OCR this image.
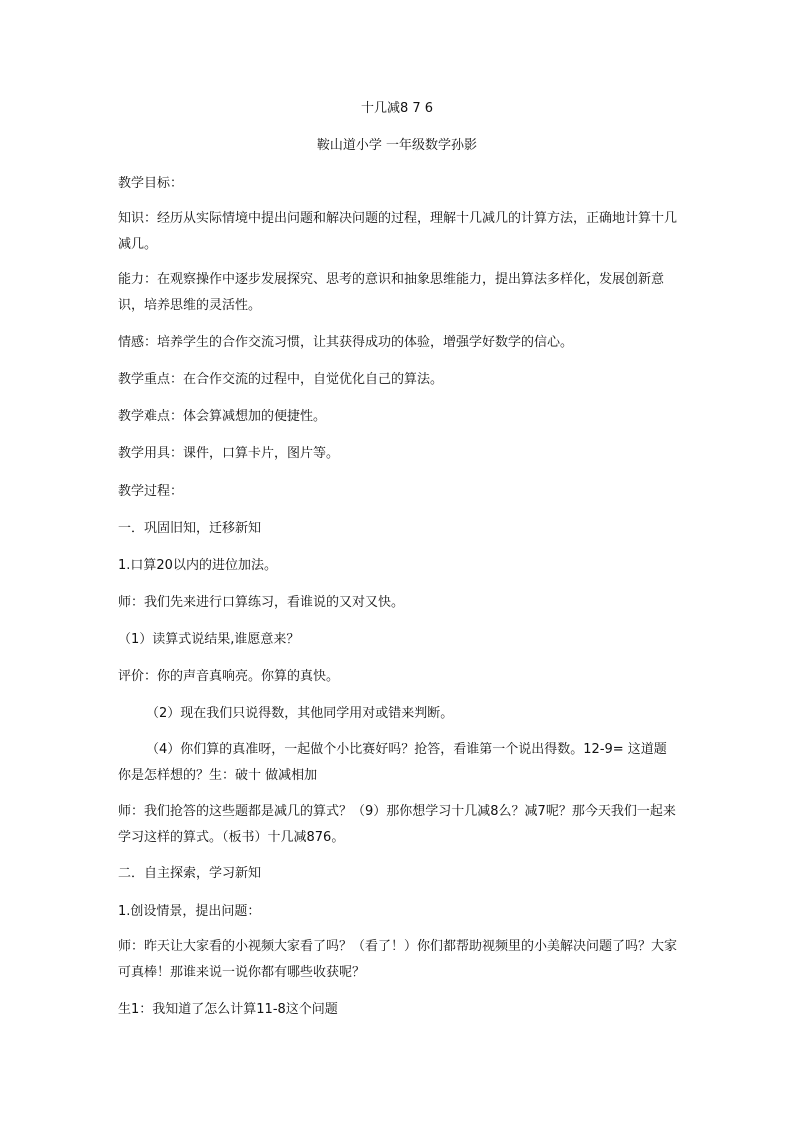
十几减8 7 6
鞍山道小学 一年级数学孙影
教学目标：
知识：经历从实际情境中提出问题和解决问题的过程，理解十几减几的计算方法，正确地计算十几减几。
能力：在观察操作中逐步发展探究、思考的意识和抽象思维能力，提出算法多样化，发展创新意识，培养思维的灵活性。
情感：培养学生的合作交流习惯，让其获得成功的体验，增强学好数学的信心。
教学重点：在合作交流的过程中，自觉优化自己的算法。
教学难点：体会算减想加的便捷性。
教学用具：课件，口算卡片，图片等。
教学过程：
一．巩固旧知，迁移新知
1.口算20以内的进位加法。
师：我们先来进行口算练习，看谁说的又对又快。
（1）读算式说结果,谁愿意来？
评价：你的声音真响亮。你算的真快。
（2）现在我们只说得数，其他同学用对或错来判断。
（4）你们算的真准呀，一起做个小比赛好吗？抢答，看谁第一个说出得数。12-9= 这道题你是怎样想的？生：破十 做减相加
师：我们抢答的这些题都是减几的算式？（9）那你想学习十几减8么？减7呢？那今天我们一起来学习这样的算式。（板书）十几减876。
二．自主探索，学习新知
1.创设情景，提出问题：
师：昨天让大家看的小视频大家看了吗？（看了！）你们都帮助视频里的小美解决问题了吗？大家可真棒！那谁来说一说你都有哪些收获呢？
生1：我知道了怎么计算11-8这个问题
